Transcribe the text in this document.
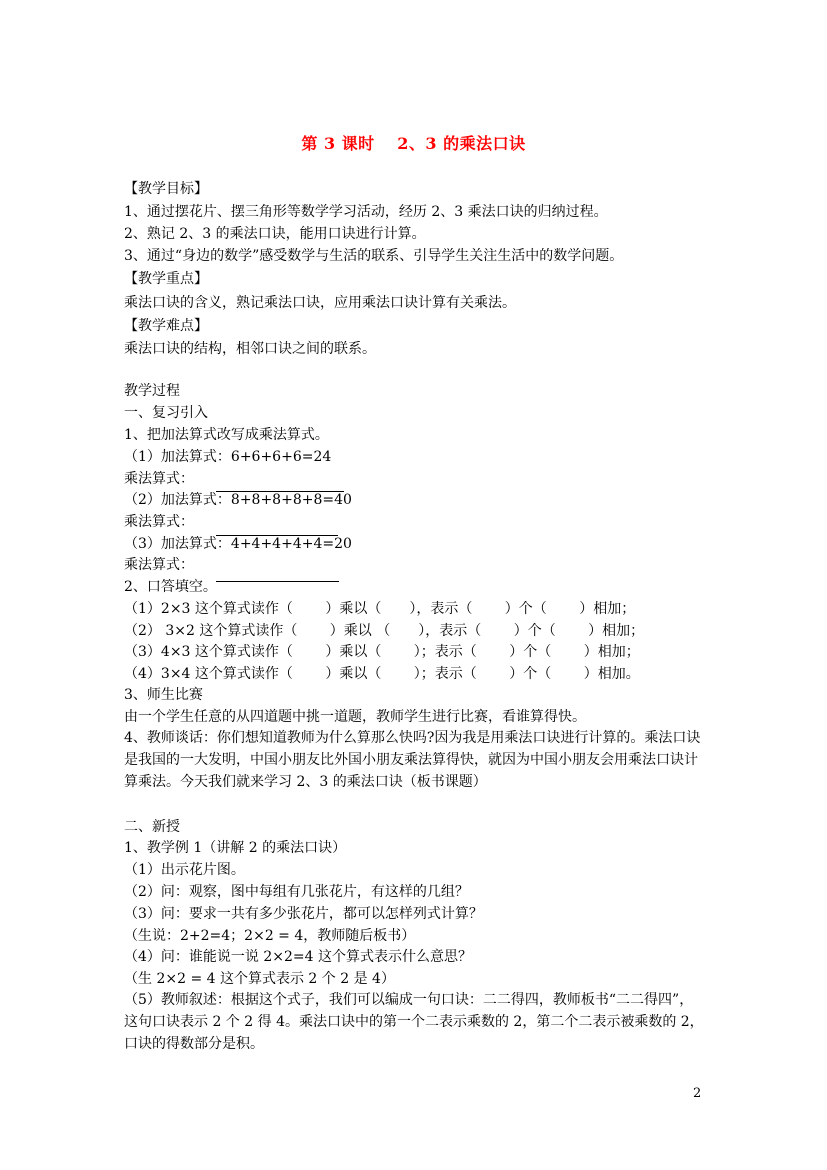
第 3 课时　 2、3 的乘法口诀
【教学目标】
1、通过摆花片、摆三角形等数学学习活动，经历 2、3 乘法口诀的归纳过程。
2、熟记 2、3 的乘法口诀，能用口诀进行计算。
3、通过“身边的数学”感受数学与生活的联系、引导学生关注生活中的数学问题。
【教学重点】
乘法口诀的含义，熟记乘法口诀，应用乘法口诀计算有关乘法。
【教学难点】
乘法口诀的结构，相邻口诀之间的联系。
教学过程
一、复习引入
1、把加法算式改写成乘法算式。
（1）加法算式：6+6+6+6=24
乘法算式：
（2）加法算式：8+8+8+8+8=40
乘法算式：
（3）加法算式：4+4+4+4+4=20
乘法算式：
2、口答填空。
（1）2×3 这个算式读作（　　 ）乘以（　　），表示（　　 ）个（　　 ）相加；
（2） 3×2 这个算式读作（　　 ）乘以 （　　），表示（　　 ）个（　　 ）相加；
（3）4×3 这个算式读作（　　 ）乘以（　　 ）；表示（　　 ）个（　　 ）相加；
（4）3×4 这个算式读作（　　 ）乘以（　　 ）；表示（　　 ）个（　　 ）相加。
3、师生比赛
由一个学生任意的从四道题中挑一道题，教师学生进行比赛，看谁算得快。
4、教师谈话：你们想知道教师为什么算那么快吗?因为我是用乘法口诀进行计算的。乘法口诀是我国的一大发明，中国小朋友比外国小朋友乘法算得快，就因为中国小朋友会用乘法口诀计算乘法。今天我们就来学习 2、3 的乘法口诀（板书课题）
二、新授
1、教学例 1（讲解 2 的乘法口诀）
（1）出示花片图。
（2）问：观察，图中每组有几张花片，有这样的几组？
（3）问：要求一共有多少张花片，都可以怎样列式计算？
（生说：2+2=4；2×2 = 4，教师随后板书）
（4）问：谁能说一说 2×2=4 这个算式表示什么意思？
（生 2×2 = 4 这个算式表示 2 个 2 是 4）
（5）教师叙述：根据这个式子，我们可以编成一句口诀：二二得四，教师板书“二二得四”，这句口诀表示 2 个 2 得 4。乘法口诀中的第一个二表示乘数的 2，第二个二表示被乘数的 2，口诀的得数部分是积。
2
